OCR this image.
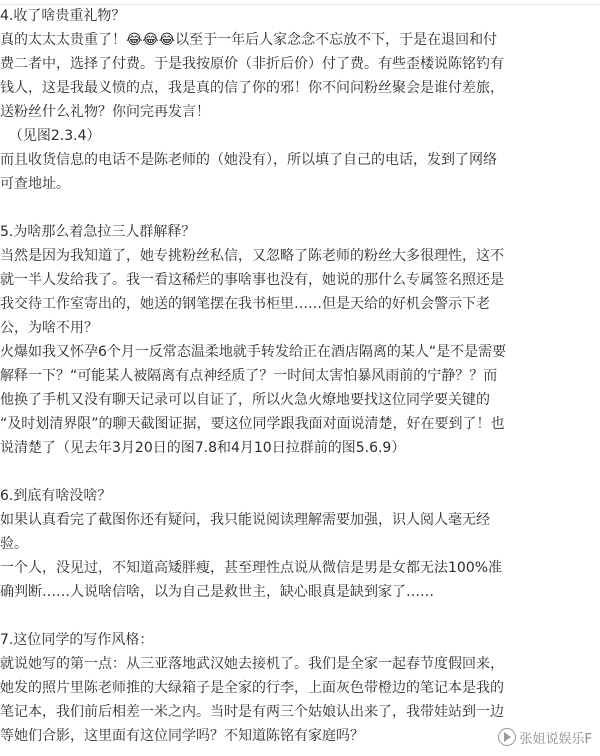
4.收了啥贵重礼物？
真的太太太贵重了！😂😂😂以至于一年后人家念念不忘放不下，于是在退回和付
费二者中，选择了付费。于是我按原价（非折后价）付了费。有些歪楼说陈铭钓有
钱人，这是我最义愤的点，我是真的信了你的邪！你不问问粉丝聚会是谁付差旅，
送粉丝什么礼物？你问完再发言！
（见图2.3.4）
而且收货信息的电话不是陈老师的（她没有），所以填了自己的电话，发到了网络
可查地址。
5.为啥那么着急拉三人群解释？
当然是因为我知道了，她专挑粉丝私信，又忽略了陈老师的粉丝大多很理性，这不
就一半人发给我了。我一看这稀烂的事啥事也没有，她说的那什么专属签名照还是
我交待工作室寄出的，她送的钢笔摆在我书柜里……但是天给的好机会警示下老
公，为啥不用？
火爆如我又怀孕6个月一反常态温柔地就手转发给正在酒店隔离的某人“是不是需要
解释一下？“可能某人被隔离有点神经质了？一时间太害怕暴风雨前的宁静？？而
他换了手机又没有聊天记录可以自证了，所以火急火燎地要找这位同学要关键的
“及时划清界限”的聊天截图证据，要这位同学跟我面对面说清楚，好在要到了！也
说清楚了（见去年3月20日的图7.8和4月10日拉群前的图5.6.9）
6.到底有啥没啥？
如果认真看完了截图你还有疑问，我只能说阅读理解需要加强，识人阅人毫无经
验。
一个人，没见过，不知道高矮胖瘦，甚至理性点说从微信是男是女都无法100%准
确判断……人说啥信啥，以为自己是救世主，缺心眼真是缺到家了……
7.这位同学的写作风格：
就说她写的第一点：从三亚落地武汉她去接机了。我们是全家一起春节度假回来，
她发的照片里陈老师推的大绿箱子是全家的行李，上面灰色带橙边的笔记本是我的
笔记本，我们前后相差一米之内。当时是有两三个姑娘认出来了，我带娃站到一边
等她们合影，这里面有这位同学吗？不知道陈铭有家庭吗？	张姐说娱乐F
